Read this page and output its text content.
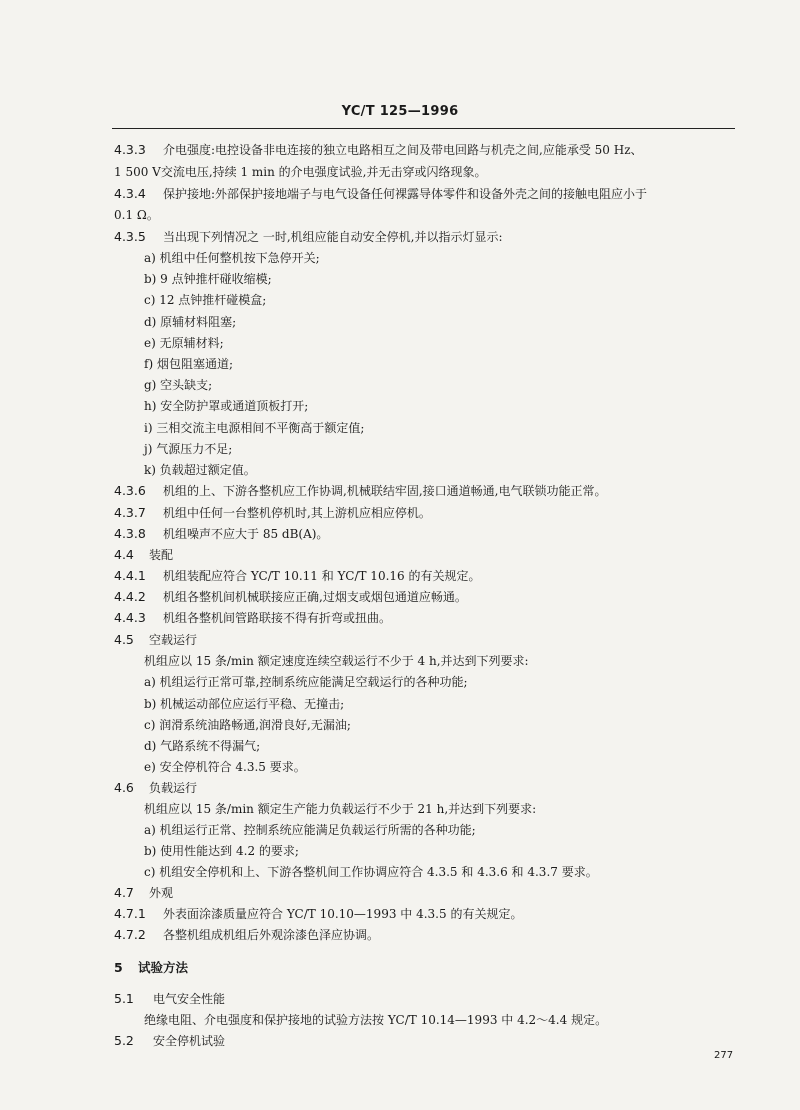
YC/T 125—1996
4.3.3 介电强度:电控设备非电连接的独立电路相互之间及带电回路与机壳之间,应能承受 50 Hz、
1 500 V交流电压,持续 1 min 的介电强度试验,并无击穿或闪络现象。
4.3.4 保护接地:外部保护接地端子与电气设备任何裸露导体零件和设备外壳之间的接触电阻应小于
0.1 Ω。
4.3.5 当出现下列情况之 一时,机组应能自动安全停机,并以指示灯显示:
a) 机组中任何整机按下急停开关;
b) 9 点钟推杆碰收缩模;
c) 12 点钟推杆碰模盒;
d) 原辅材料阻塞;
e) 无原辅材料;
f) 烟包阻塞通道;
g) 空头缺支;
h) 安全防护罩或通道顶板打开;
i) 三相交流主电源相间不平衡高于额定值;
j) 气源压力不足;
k) 负载超过额定值。
4.3.6 机组的上、下游各整机应工作协调,机械联结牢固,接口通道畅通,电气联锁功能正常。
4.3.7 机组中任何一台整机停机时,其上游机应相应停机。
4.3.8 机组噪声不应大于 85 dB(A)。
4.4 装配
4.4.1 机组装配应符合 YC/T 10.11 和 YC/T 10.16 的有关规定。
4.4.2 机组各整机间机械联接应正确,过烟支或烟包通道应畅通。
4.4.3 机组各整机间管路联接不得有折弯或扭曲。
4.5 空载运行
机组应以 15 条/min 额定速度连续空载运行不少于 4 h,并达到下列要求:
a) 机组运行正常可靠,控制系统应能满足空载运行的各种功能;
b) 机械运动部位应运行平稳、无撞击;
c) 润滑系统油路畅通,润滑良好,无漏油;
d) 气路系统不得漏气;
e) 安全停机符合 4.3.5 要求。
4.6 负载运行
机组应以 15 条/min 额定生产能力负载运行不少于 21 h,并达到下列要求:
a) 机组运行正常、控制系统应能满足负载运行所需的各种功能;
b) 使用性能达到 4.2 的要求;
c) 机组安全停机和上、下游各整机间工作协调应符合 4.3.5 和 4.3.6 和 4.3.7 要求。
4.7 外观
4.7.1 外表面涂漆质量应符合 YC/T 10.10—1993 中 4.3.5 的有关规定。
4.7.2 各整机组成机组后外观涂漆色泽应协调。
5 试验方法
5.1 电气安全性能
绝缘电阻、介电强度和保护接地的试验方法按 YC/T 10.14—1993 中 4.2～4.4 规定。
5.2 安全停机试验
277
